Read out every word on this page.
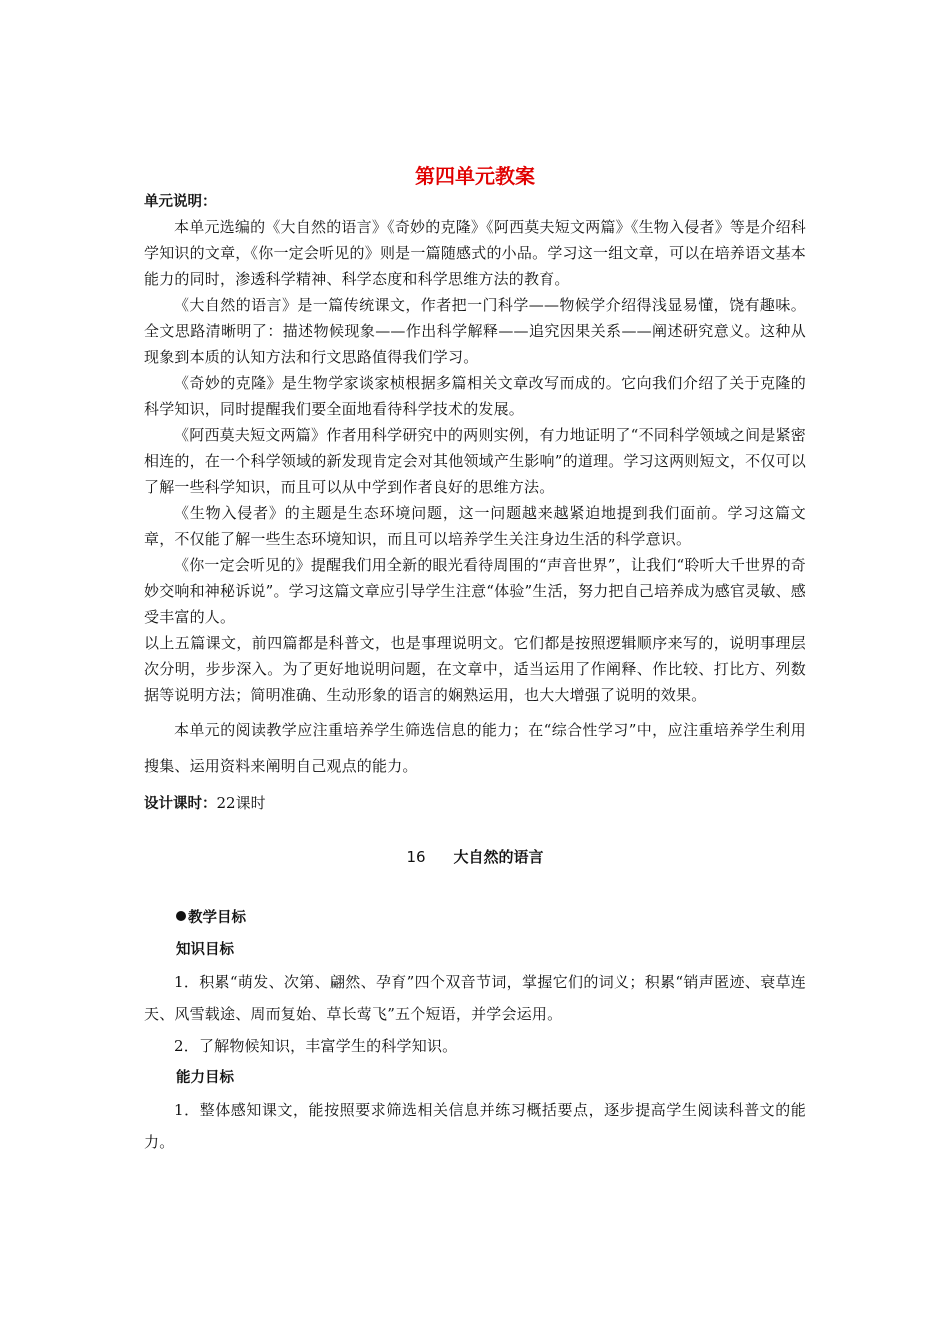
第四单元教案
单元说明：

本单元选编的《大自然的语言》《奇妙的克隆》《阿西莫夫短文两篇》《生物入侵者》等是介绍科学知识的文章，《你一定会听见的》则是一篇随感式的小品。学习这一组文章，可以在培养语文基本能力的同时，渗透科学精神、科学态度和科学思维方法的教育。

《大自然的语言》是一篇传统课文，作者把一门科学——物候学介绍得浅显易懂，饶有趣味。全文思路清晰明了：描述物候现象——作出科学解释——追究因果关系——阐述研究意义。这种从现象到本质的认知方法和行文思路值得我们学习。

《奇妙的克隆》是生物学家谈家桢根据多篇相关文章改写而成的。它向我们介绍了关于克隆的科学知识，同时提醒我们要全面地看待科学技术的发展。

《阿西莫夫短文两篇》作者用科学研究中的两则实例，有力地证明了“不同科学领域之间是紧密相连的，在一个科学领域的新发现肯定会对其他领域产生影响”的道理。学习这两则短文，不仅可以了解一些科学知识，而且可以从中学到作者良好的思维方法。

《生物入侵者》的主题是生态环境问题，这一问题越来越紧迫地提到我们面前。学习这篇文章，不仅能了解一些生态环境知识，而且可以培养学生关注身边生活的科学意识。

《你一定会听见的》提醒我们用全新的眼光看待周围的“声音世界”，让我们“聆听大千世界的奇妙交响和神秘诉说”。学习这篇文章应引导学生注意“体验”生活，努力把自己培养成为感官灵敏、感受丰富的人。

以上五篇课文，前四篇都是科普文，也是事理说明文。它们都是按照逻辑顺序来写的，说明事理层次分明，步步深入。为了更好地说明问题，在文章中，适当运用了作阐释、作比较、打比方、列数据等说明方法；简明准确、生动形象的语言的娴熟运用，也大大增强了说明的效果。

本单元的阅读教学应注重培养学生筛选信息的能力；在“综合性学习”中，应注重培养学生利用搜集、运用资料来阐明自己观点的能力。

设计课时：22课时
16 大自然的语言
教学目标
知识目标

1．积累“萌发、次第、翩然、孕育”四个双音节词，掌握它们的词义；积累“销声匿迹、衰草连天、风雪载途、周而复始、草长莺飞”五个短语，并学会运用。

2．了解物候知识，丰富学生的科学知识。

能力目标

1．整体感知课文，能按照要求筛选相关信息并练习概括要点，逐步提高学生阅读科普文的能力。
